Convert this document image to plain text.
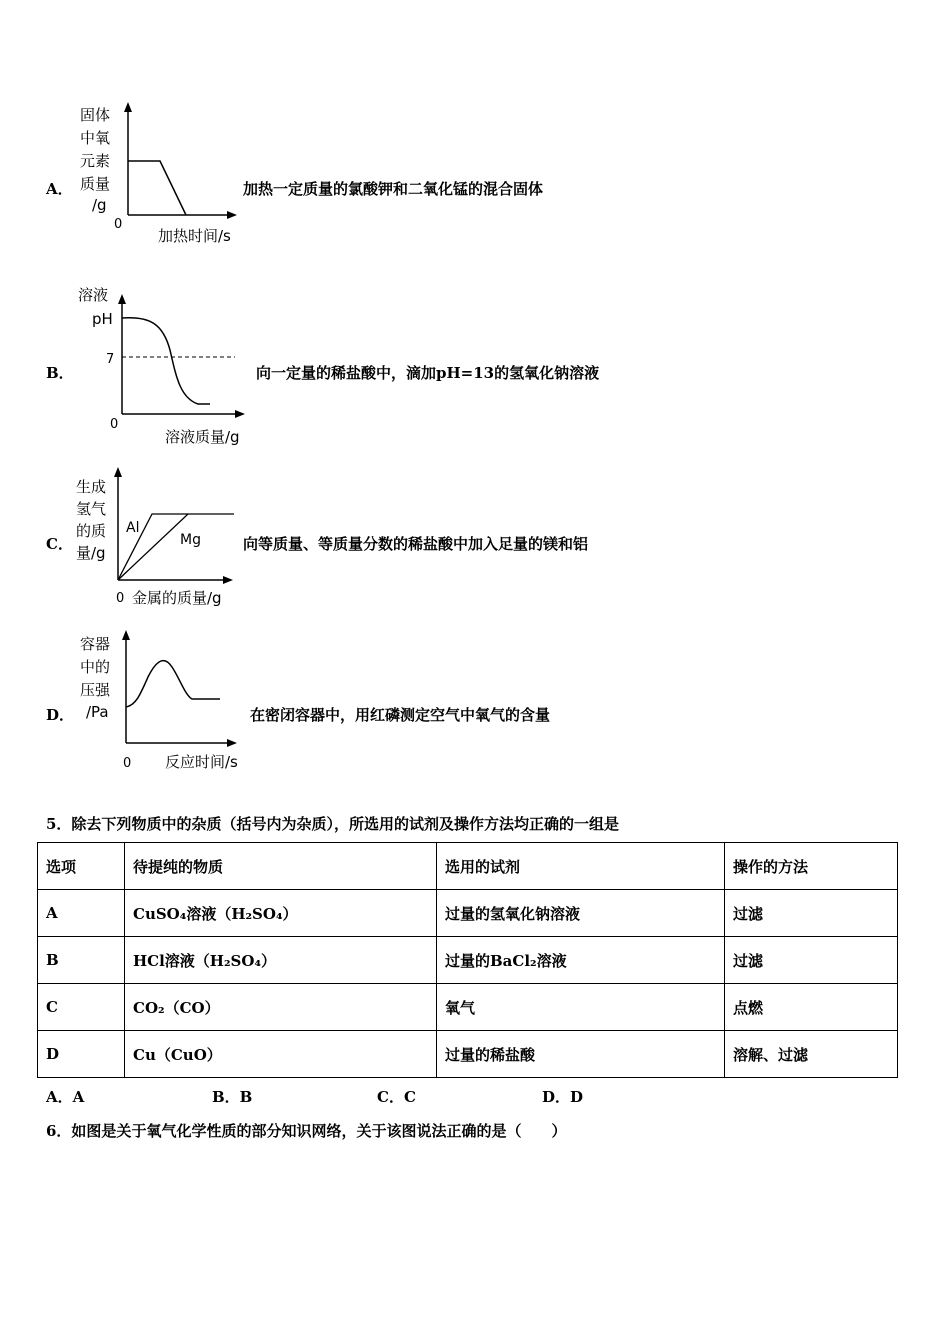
A．
固体
中氧
元素
质量
/g
0
加热时间/s
加热一定质量的氯酸钾和二氧化锰的混合固体
B．
溶液
pH
7
0
溶液质量/g
向一定量的稀盐酸中，滴加pH=13的氢氧化钠溶液
C．
生成
氢气
的质
量/g
Al
Mg
0 金属的质量/g
向等质量、等质量分数的稀盐酸中加入足量的镁和铝
D．
容器
中的
压强
/Pa
0 反应时间/s
在密闭容器中，用红磷测定空气中氧气的含量
5．除去下列物质中的杂质（括号内为杂质），所选用的试剂及操作方法均正确的一组是
选项	待提纯的物质	选用的试剂	操作的方法
A	CuSO₄溶液（H₂SO₄）	过量的氢氧化钠溶液	过滤
B	HCl溶液（H₂SO₄）	过量的BaCl₂溶液	过滤
C	CO₂（CO）	氧气	点燃
D	Cu（CuO）	过量的稀盐酸	溶解、过滤
A．A	B．B	C．C	D．D
6．如图是关于氧气化学性质的部分知识网络，关于该图说法正确的是（　　）
